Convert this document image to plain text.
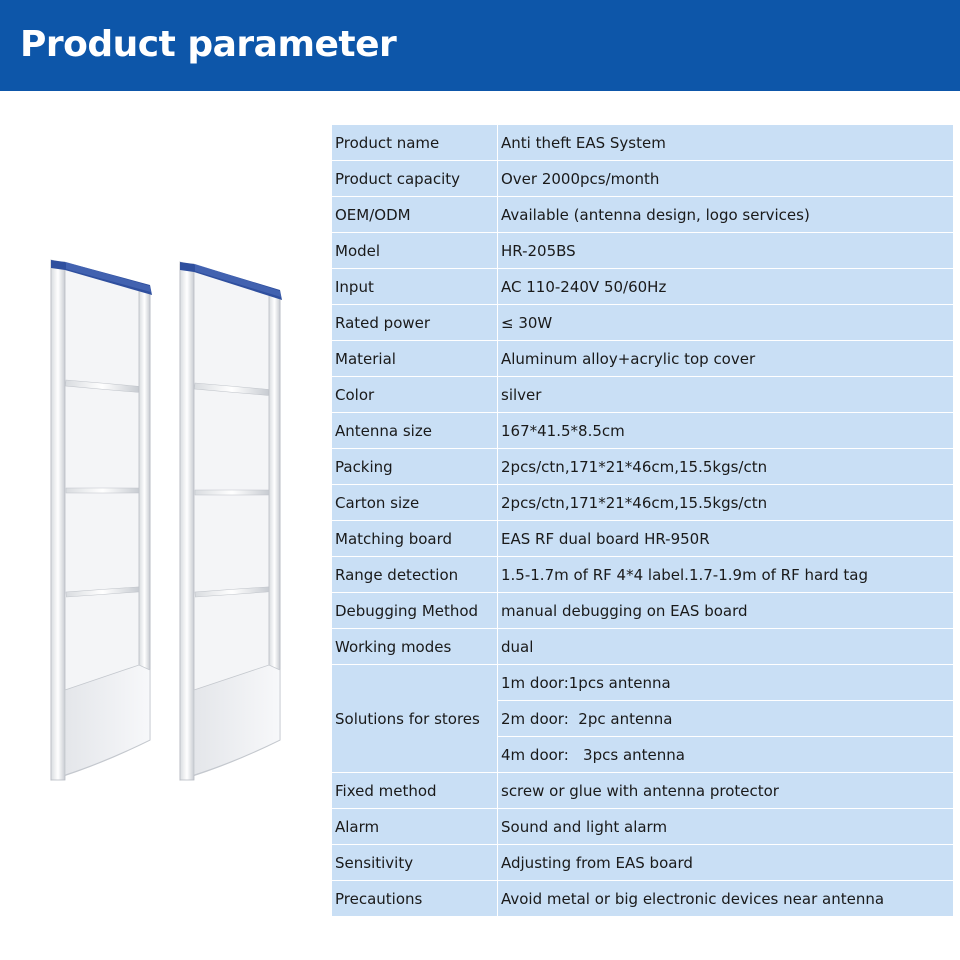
Product parameter
Product name	Anti theft EAS System
Product capacity	Over 2000pcs/month
OEM/ODM	Available (antenna design, logo services)
Model	HR-205BS
Input	AC 110-240V 50/60Hz
Rated power	≤ 30W
Material	Aluminum alloy+acrylic top cover
Color	silver
Antenna size	167*41.5*8.5cm
Packing	2pcs/ctn,171*21*46cm,15.5kgs/ctn
Carton size	2pcs/ctn,171*21*46cm,15.5kgs/ctn
Matching board	EAS RF dual board HR-950R
Range detection	1.5-1.7m of RF 4*4 label.1.7-1.9m of RF hard tag
Debugging Method	manual debugging on EAS board
Working modes	dual
Solutions for stores	1m door:1pcs antenna
	2m door:  2pc antenna
	4m door:   3pcs antenna
Fixed method	screw or glue with antenna protector
Alarm	Sound and light alarm
Sensitivity	Adjusting from EAS board
Precautions	Avoid metal or big electronic devices near antenna
